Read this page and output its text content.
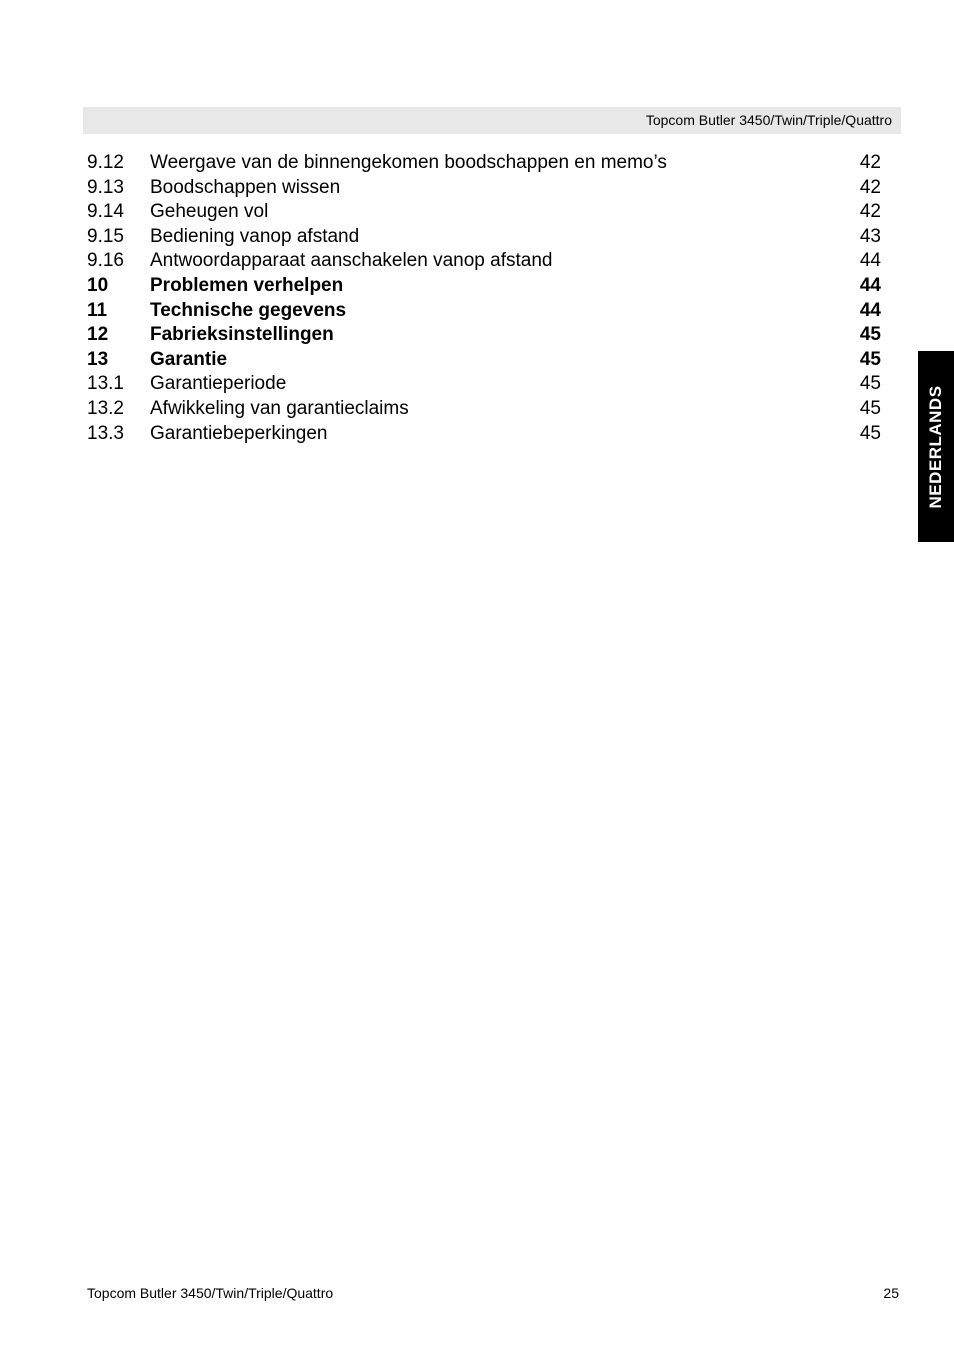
Topcom Butler 3450/Twin/Triple/Quattro
9.12 Weergave van de binnengekomen boodschappen en memo’s	42
9.13 Boodschappen wissen	42
9.14 Geheugen vol	42
9.15 Bediening vanop afstand	43
9.16 Antwoordapparaat aanschakelen vanop afstand	44
10 Problemen verhelpen	44
11 Technische gegevens	44
12 Fabrieksinstellingen	45
13 Garantie	45
13.1 Garantieperiode	45
13.2 Afwikkeling van garantieclaims	45
13.3 Garantiebeperkingen	45	NEDERLANDS
Topcom Butler 3450/Twin/Triple/Quattro	25
